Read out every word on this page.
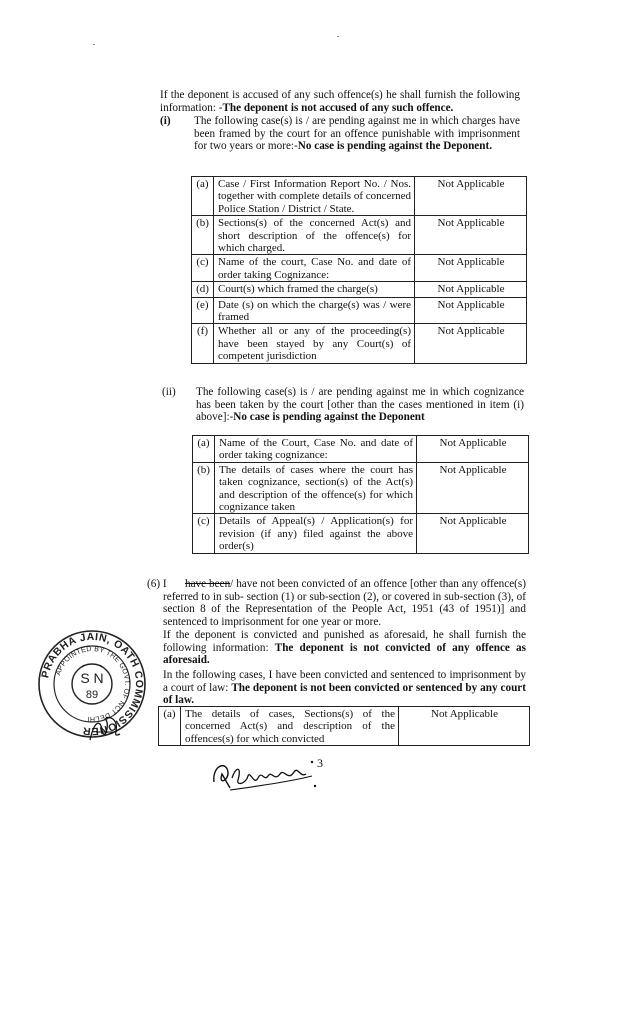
If the deponent is accused of any such offence(s) he shall furnish the following information: -The deponent is not accused of any such offence.
(i) The following case(s) is / are pending against me in which charges have been framed by the court for an offence punishable with imprisonment for two years or more:-No case is pending against the Deponent.
(a)	Case / First Information Report No. / Nos. together with complete details of concerned Police Station / District / State.	Not Applicable
(b)	Sections(s) of the concerned Act(s) and short description of the offence(s) for which charged.	Not Applicable
(c)	Name of the court, Case No. and date of order taking Cognizance:	Not Applicable
(d)	Court(s) which framed the charge(s)	Not Applicable
(e)	Date (s) on which the charge(s) was / were framed	Not Applicable
(f)	Whether all or any of the proceeding(s) have been stayed by any Court(s) of competent jurisdiction	Not Applicable
(ii) The following case(s) is / are pending against me in which cognizance has been taken by the court [other than the cases mentioned in item (i) above]:-No case is pending against the Deponent
(a)	Name of the Court, Case No. and date of order taking cognizance:	Not Applicable
(b)	The details of cases where the court has taken cognizance, section(s) of the Act(s) and description of the offence(s) for which cognizance taken	Not Applicable
(c)	Details of Appeal(s) / Application(s) for revision (if any) filed against the above order(s)	Not Applicable
(6) I	have been/ have not been convicted of an offence [other than any offence(s) referred to in sub- section (1) or sub-section (2), or covered in sub-section (3), of section 8 of the Representation of the People Act, 1951 (43 of 1951)] and sentenced to imprisonment for one year or more.
If the deponent is convicted and punished as aforesaid, he shall furnish the following information: The deponent is not convicted of any offence as aforesaid.
In the following cases, I have been convicted and sentenced to imprisonment by a court of law: The deponent is not been convicted or sentenced by any court of law.
(a)	The details of cases, Sections(s) of the concerned Act(s) and description of the offences(s) for which convicted	Not Applicable
PRABHA JAIN, OATH COMMISSIONER
APPOINTED BY THE GOVT. OF NCT DELHI
S N
89
3
